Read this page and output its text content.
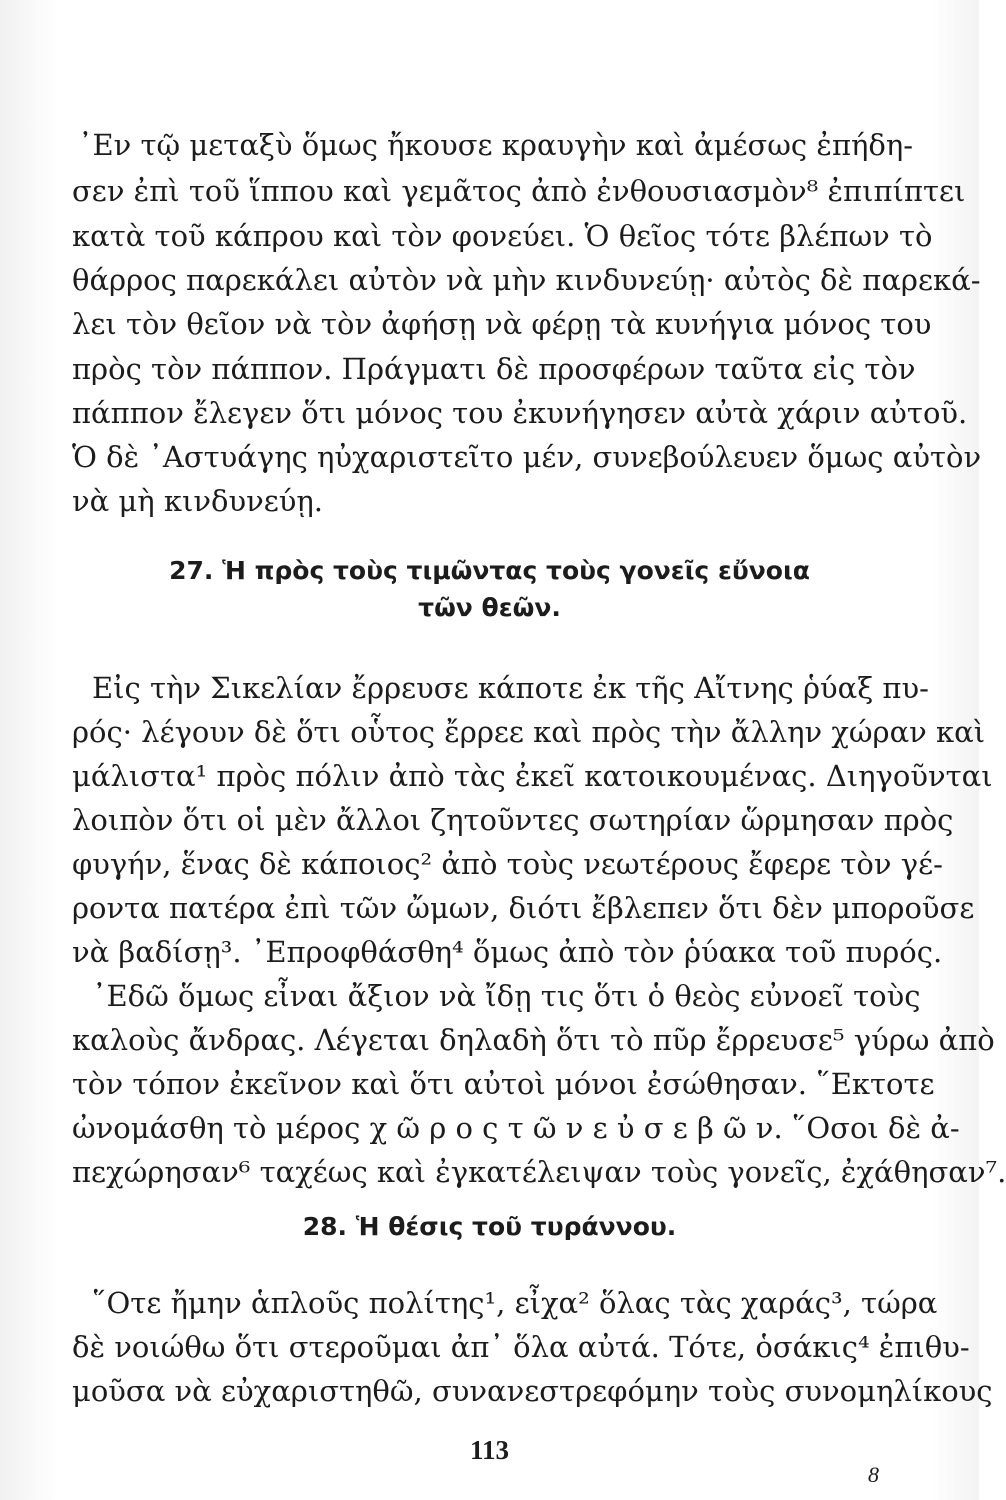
᾿Εν τῷ μεταξὺ ὅμως ἤκουσε κραυγὴν καὶ ἀμέσως ἐπήδη-
σεν ἐπὶ τοῦ ἵππου καὶ γεμᾶτος ἀπὸ ἐνθουσιασμὸν⁸ ἐπιπίπτει
κατὰ τοῦ κάπρου καὶ τὸν φονεύει. Ὁ θεῖος τότε βλέπων τὸ
θάρρος παρεκάλει αὐτὸν νὰ μὴν κινδυνεύῃ· αὐτὸς δὲ παρεκά-
λει τὸν θεῖον νὰ τὸν ἀφήσῃ νὰ φέρῃ τὰ κυνήγια μόνος του
πρὸς τὸν πάππον. Πράγματι δὲ προσφέρων ταῦτα εἰς τὸν
πάππον ἔλεγεν ὅτι μόνος του ἐκυνήγησεν αὐτὰ χάριν αὐτοῦ.
Ὁ δὲ ᾿Αστυάγης ηὐχαριστεῖτο μέν, συνεβούλευεν ὅμως αὐτὸν
νὰ μὴ κινδυνεύῃ.
27. Ἡ πρὸς τοὺς τιμῶντας τοὺς γονεῖς εὔνοια
τῶν θεῶν.
Εἰς τὴν Σικελίαν ἔρρευσε κάποτε ἐκ τῆς Αἴτνης ῥύαξ πυ-
ρός· λέγουν δὲ ὅτι οὗτος ἔρρεε καὶ πρὸς τὴν ἄλλην χώραν καὶ
μάλιστα¹ πρὸς πόλιν ἀπὸ τὰς ἐκεῖ κατοικουμένας. Διηγοῦνται
λοιπὸν ὅτι οἱ μὲν ἄλλοι ζητοῦντες σωτηρίαν ὥρμησαν πρὸς
φυγήν, ἕνας δὲ κάποιος² ἀπὸ τοὺς νεωτέρους ἔφερε τὸν γέ-
ροντα πατέρα ἐπὶ τῶν ὤμων, διότι ἔβλεπεν ὅτι δὲν μποροῦσε
νὰ βαδίσῃ³. ᾿Επροφθάσθη⁴ ὅμως ἀπὸ τὸν ῥύακα τοῦ πυρός.
᾿Εδῶ ὅμως εἶναι ἄξιον νὰ ἴδῃ τις ὅτι ὁ θεὸς εὐνοεῖ τοὺς
καλοὺς ἄνδρας. Λέγεται δηλαδὴ ὅτι τὸ πῦρ ἔρρευσε⁵ γύρω ἀπὸ
τὸν τόπον ἐκεῖνον καὶ ὅτι αὐτοὶ μόνοι ἐσώθησαν. ῞Εκτοτε
ὠνομάσθη τὸ μέρος χ ῶ ρ ο ς τ ῶ ν ε ὐ σ ε β ῶ ν. ῞Οσοι δὲ ἀ-
πεχώρησαν⁶ ταχέως καὶ ἐγκατέλειψαν τοὺς γονεῖς, ἐχάθησαν⁷.
28. Ἡ θέσις τοῦ τυράννου.
῞Οτε ἤμην ἁπλοῦς πολίτης¹, εἶχα² ὅλας τὰς χαράς³, τώρα
δὲ νοιώθω ὅτι στεροῦμαι ἀπ᾿ ὅλα αὐτά. Τότε, ὁσάκις⁴ ἐπιθυ-
μοῦσα νὰ εὐχαριστηθῶ, συνανεστρεφόμην τοὺς συνομηλίκους
113
8
